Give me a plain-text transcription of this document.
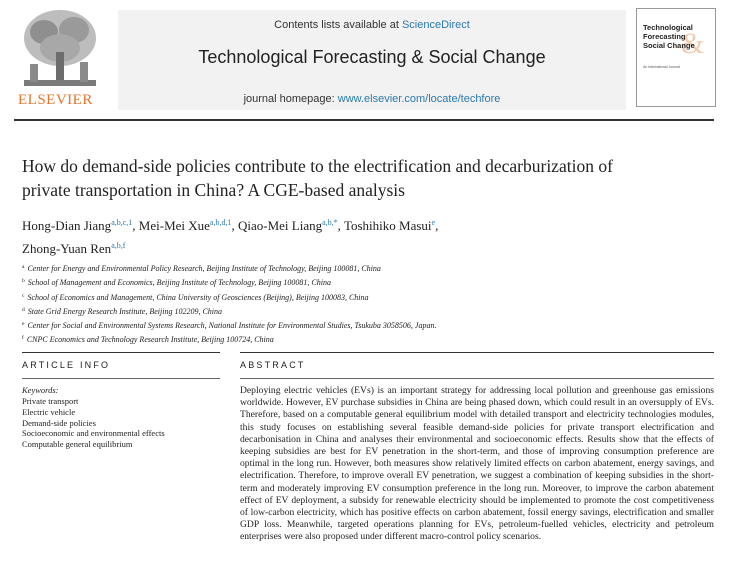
ELSEVIER
Contents lists available at ScienceDirect
Technological Forecasting & Social Change
journal homepage: www.elsevier.com/locate/techfore
&
Technological
Forecasting
Social Change
An International Journal
How do demand-side policies contribute to the electrification and decarburization of private transportation in China? A CGE-based analysis
Hong-Dian Jiang$^{a,b,c,1}$, Mei-Mei Xue$^{a,b,d,1}$, Qiao-Mei Liang$^{a,b,*}$, Toshihiko Masui$^e$,
Zhong-Yuan Ren$^{a,b,f}$
$^a$ Center for Energy and Environmental Policy Research, Beijing Institute of Technology, Beijing 100081, China
$^b$ School of Management and Economics, Beijing Institute of Technology, Beijing 100081, China
$^c$ School of Economics and Management, China University of Geosciences (Beijing), Beijing 100083, China
$^d$ State Grid Energy Research Institute, Beijing 102209, China
$^e$ Center for Social and Environmental Systems Research, National Institute for Environmental Studies, Tsukuba 3058506, Japan.
$^f$ CNPC Economics and Technology Research Institute, Beijing 100724, China
ARTICLE INFO	ABSTRACT
Keywords:
Private transport
Electric vehicle
Demand-side policies
Socioeconomic and environmental effects
Computable general equilibrium
Deploying electric vehicles (EVs) is an important strategy for addressing local pollution and greenhouse gas emissions worldwide. However, EV purchase subsidies in China are being phased down, which could result in an oversupply of EVs. Therefore, based on a computable general equilibrium model with detailed transport and electricity technologies modules, this study focuses on establishing several feasible demand-side policies for private transport electrification and decarbonisation in China and analyses their environmental and socioeconomic effects. Results show that the effects of keeping subsidies are best for EV penetration in the short-term, and those of improving consumption preference are optimal in the long run. However, both measures show relatively limited effects on carbon abatement, energy savings, and electrification. Therefore, to improve overall EV penetration, we suggest a combination of keeping subsidies in the short-term and moderately improving EV consumption preference in the long run. Moreover, to improve the carbon abatement effect of EV deployment, a subsidy for renewable electricity should be implemented to promote the cost competitiveness of low-carbon electricity, which has positive effects on carbon abatement, fossil energy savings, electrification and smaller GDP loss. Meanwhile, targeted operations planning for EVs, petroleum-fuelled vehicles, electricity and petroleum enterprises were also proposed under different macro-control policy scenarios.
